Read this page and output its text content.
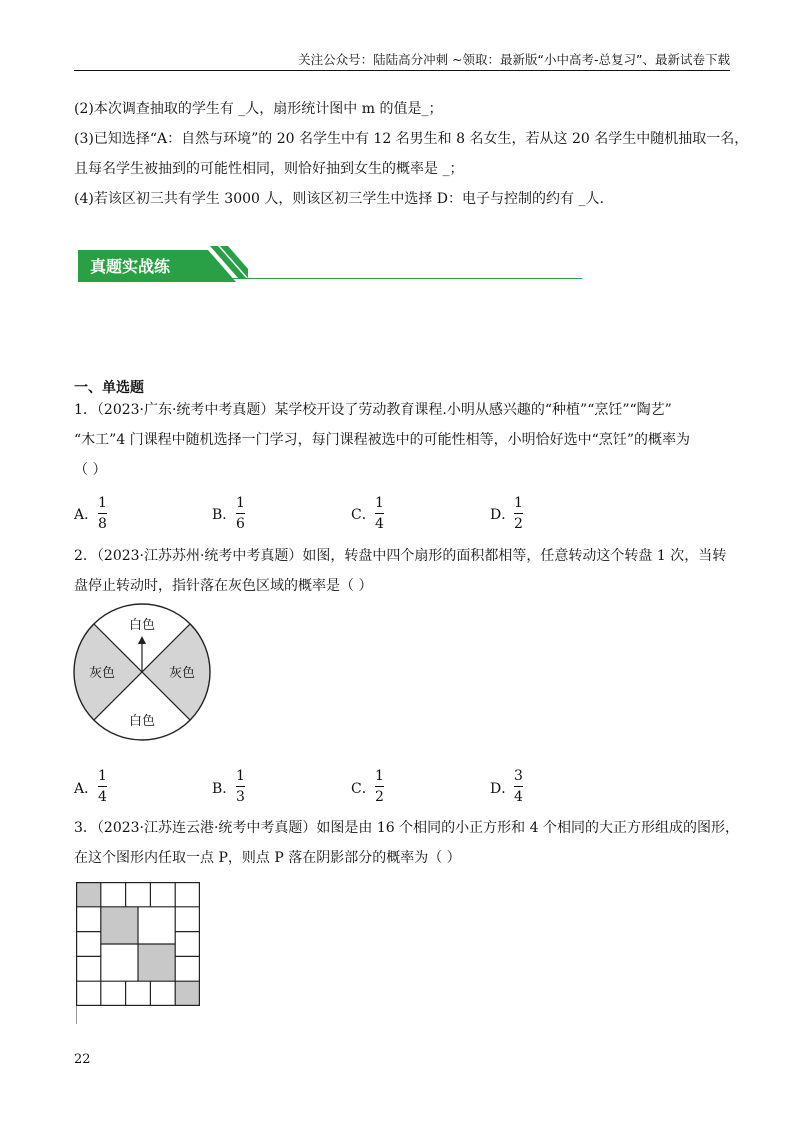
关注公众号：陆陆高分冲刺 ~领取：最新版“小中高考-总复习”、最新试卷下载
(2)本次调查抽取的学生有 _人，扇形统计图中 m 的值是_；
(3)已知选择“A：自然与环境”的 20 名学生中有 12 名男生和 8 名女生，若从这 20 名学生中随机抽取一名，
且每名学生被抽到的可能性相同，则恰好抽到女生的概率是 _；
(4)若该区初三共有学生 3000 人，则该区初三学生中选择 D：电子与控制的约有 _人.
真题实战练
一、单选题
1．（2023·广东·统考中考真题）某学校开设了劳动教育课程.小明从感兴趣的“种植”“烹饪”“陶艺”
“木工”4 门课程中随机选择一门学习，每门课程被选中的可能性相等，小明恰好选中“烹饪”的概率为
（ ）
A．
1
8
B．
1
6
C．
1
4
D．
1
2
2．（2023·江苏苏州·统考中考真题）如图，转盘中四个扇形的面积都相等，任意转动这个转盘 1 次，当转
盘停止转动时，指针落在灰色区域的概率是（ ）
白色
白色
灰色	灰色
A．
1
4	B．
1
3	C．
1
2	D．
3
4
3．（2023·江苏连云港·统考中考真题）如图是由 16 个相同的小正方形和 4 个相同的大正方形组成的图形，
在这个图形内任取一点 P，则点 P 落在阴影部分的概率为（ ）
22
